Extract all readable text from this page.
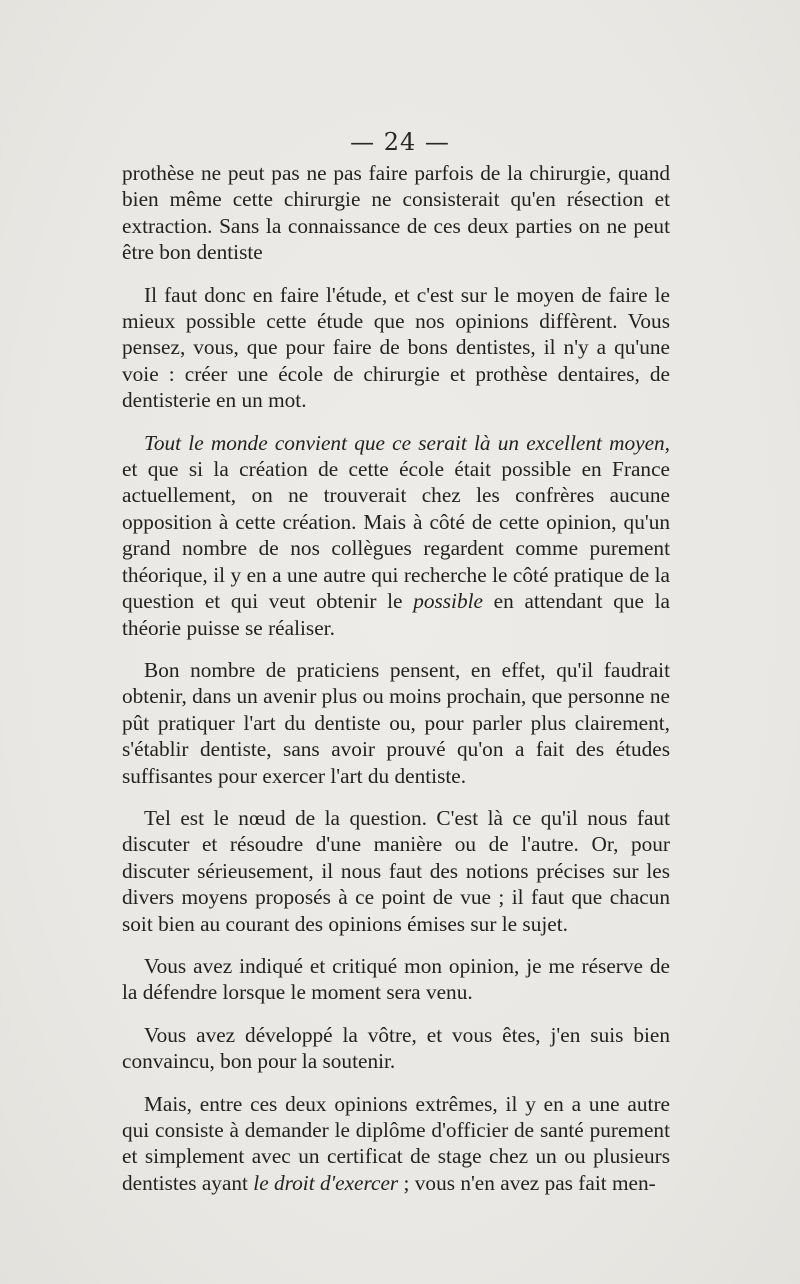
— 24 —

prothèse ne peut pas ne pas faire parfois de la chirurgie, quand bien même cette chirurgie ne consisterait qu'en résection et extraction. Sans la connaissance de ces deux parties on ne peut être bon dentiste

Il faut donc en faire l'étude, et c'est sur le moyen de faire le mieux possible cette étude que nos opinions diffèrent. Vous pensez, vous, que pour faire de bons dentistes, il n'y a qu'une voie : créer une école de chirurgie et prothèse dentaires, de dentisterie en un mot.

Tout le monde convient que ce serait là un excellent moyen, et que si la création de cette école était possible en France actuellement, on ne trouverait chez les confrères aucune opposition à cette création. Mais à côté de cette opinion, qu'un grand nombre de nos collègues regardent comme purement théorique, il y en a une autre qui recherche le côté pratique de la question et qui veut obtenir le possible en attendant que la théorie puisse se réaliser.

Bon nombre de praticiens pensent, en effet, qu'il faudrait obtenir, dans un avenir plus ou moins prochain, que personne ne pût pratiquer l'art du dentiste ou, pour parler plus clairement, s'établir dentiste, sans avoir prouvé qu'on a fait des études suffisantes pour exercer l'art du dentiste.

Tel est le nœud de la question. C'est là ce qu'il nous faut discuter et résoudre d'une manière ou de l'autre. Or, pour discuter sérieusement, il nous faut des notions précises sur les divers moyens proposés à ce point de vue ; il faut que chacun soit bien au courant des opinions émises sur le sujet.

Vous avez indiqué et critiqué mon opinion, je me réserve de la défendre lorsque le moment sera venu.

Vous avez développé la vôtre, et vous êtes, j'en suis bien convaincu, bon pour la soutenir.

Mais, entre ces deux opinions extrêmes, il y en a une autre qui consiste à demander le diplôme d'officier de santé purement et simplement avec un certificat de stage chez un ou plusieurs dentistes ayant le droit d'exercer ; vous n'en avez pas fait men-
